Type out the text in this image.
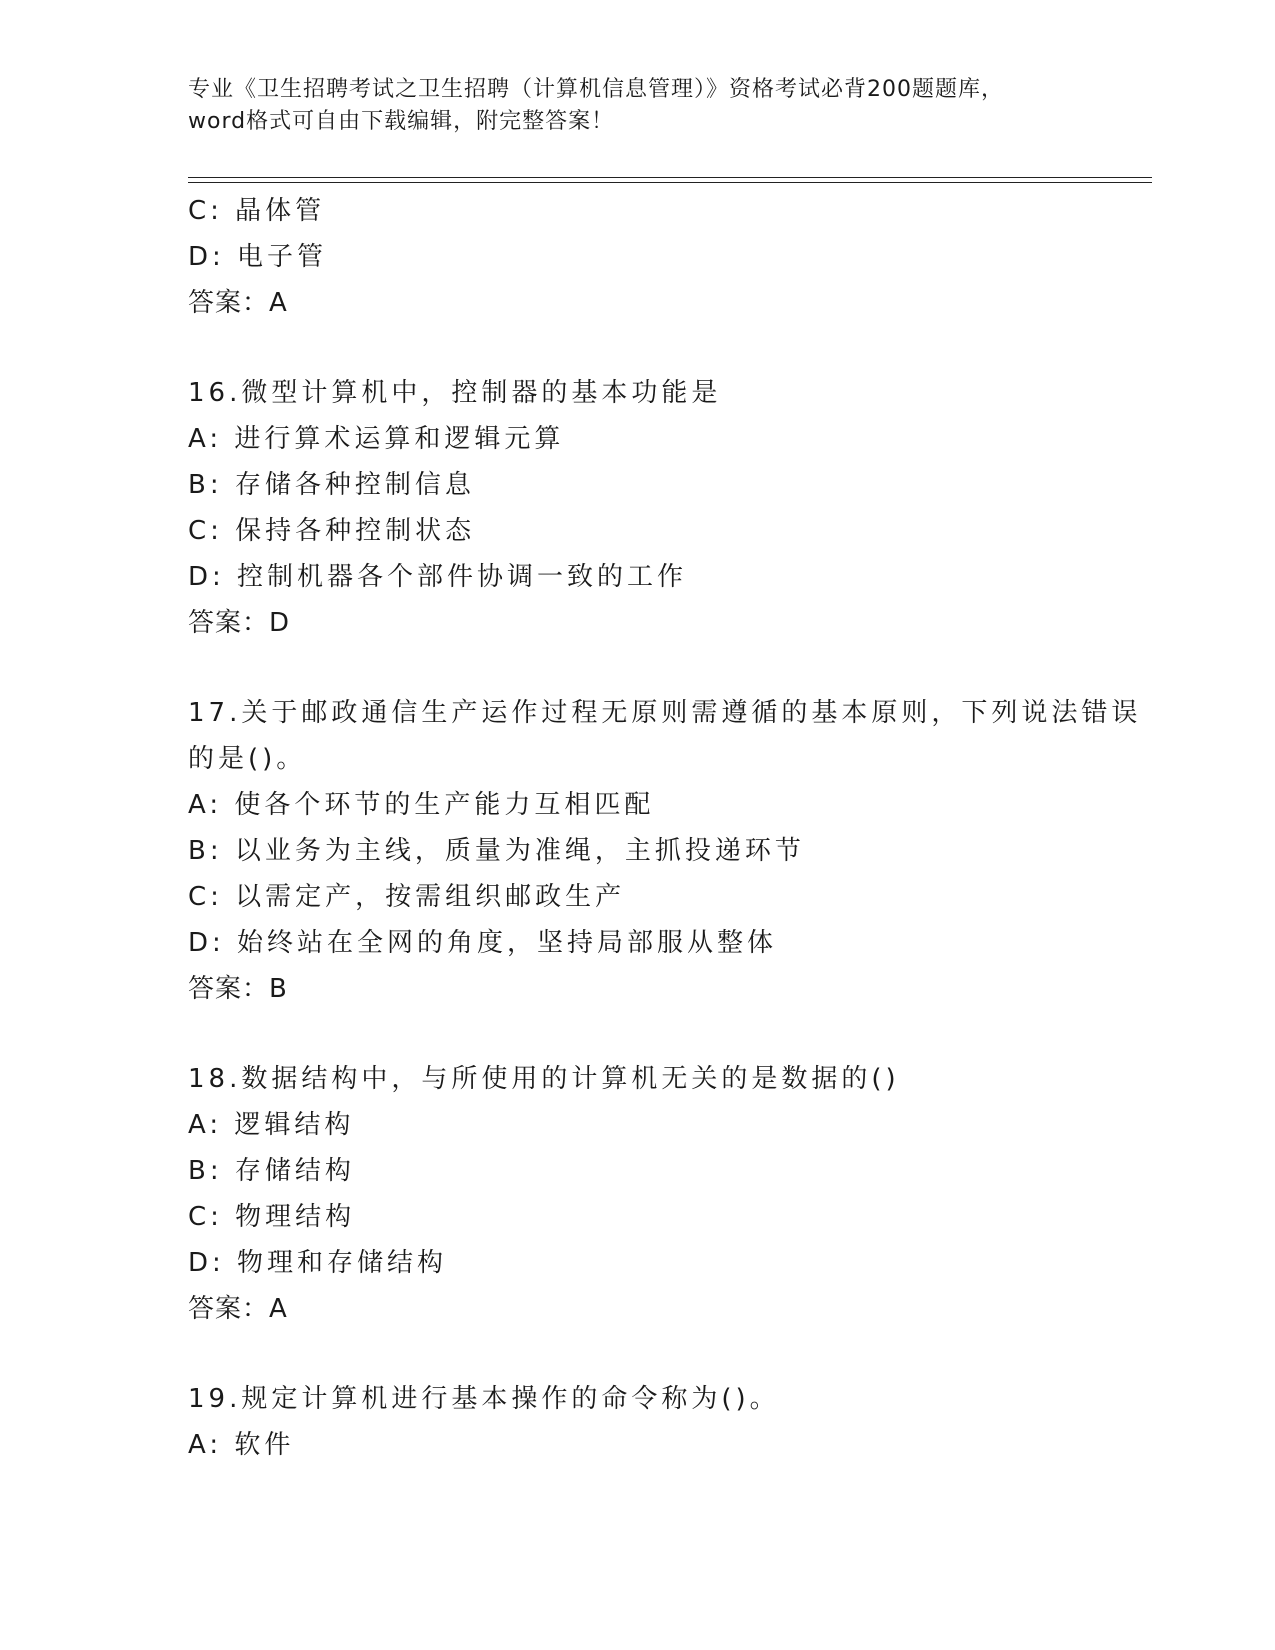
专业《卫生招聘考试之卫生招聘（计算机信息管理）》资格考试必背200题题库，
word格式可自由下载编辑，附完整答案！
C: 晶体管
D: 电子管
答案：A
16.微型计算机中，控制器的基本功能是
A: 进行算术运算和逻辑元算
B: 存储各种控制信息
C: 保持各种控制状态
D: 控制机器各个部件协调一致的工作
答案：D
17.关于邮政通信生产运作过程无原则需遵循的基本原则，下列说法错误的是()。
A: 使各个环节的生产能力互相匹配
B: 以业务为主线，质量为准绳，主抓投递环节
C: 以需定产，按需组织邮政生产
D: 始终站在全网的角度，坚持局部服从整体
答案：B
18.数据结构中，与所使用的计算机无关的是数据的()
A: 逻辑结构
B: 存储结构
C: 物理结构
D: 物理和存储结构
答案：A
19.规定计算机进行基本操作的命令称为()。
A: 软件
